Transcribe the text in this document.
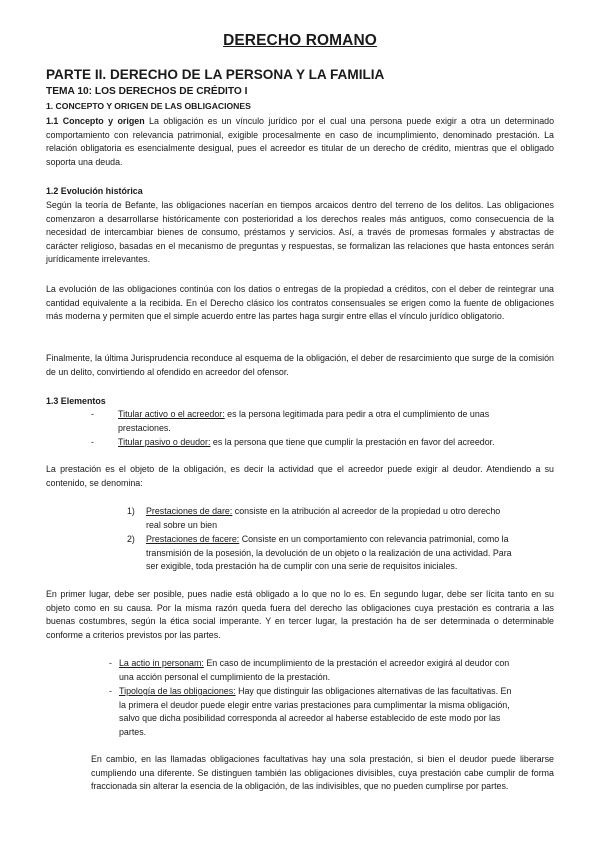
DERECHO ROMANO
PARTE II. DERECHO DE LA PERSONA Y LA FAMILIA
TEMA 10: LOS DERECHOS DE CRÉDITO I
1. CONCEPTO Y ORIGEN DE LAS OBLIGACIONES
1.1 Concepto y origen La obligación es un vínculo jurídico por el cual una persona puede exigir a otra un determinado comportamiento con relevancia patrimonial, exigible procesalmente en caso de incumplimiento, denominado prestación. La relación obligatoria es esencialmente desigual, pues el acreedor es titular de un derecho de crédito, mientras que el obligado soporta una deuda.
1.2 Evolución histórica
Según la teoría de Befante, las obligaciones nacerían en tiempos arcaicos dentro del terreno de los delitos. Las obligaciones comenzaron a desarrollarse históricamente con posterioridad a los derechos reales más antiguos, como consecuencia de la necesidad de intercambiar bienes de consumo, préstamos y servicios. Así, a través de promesas formales y abstractas de carácter religioso, basadas en el mecanismo de preguntas y respuestas, se formalizan las relaciones que hasta entonces serán jurídicamente irrelevantes.
La evolución de las obligaciones continúa con los datios o entregas de la propiedad a créditos, con el deber de reintegrar una cantidad equivalente a la recibida. En el Derecho clásico los contratos consensuales se erigen como la fuente de obligaciones más moderna y permiten que el simple acuerdo entre las partes haga surgir entre ellas el vínculo jurídico obligatorio.
Finalmente, la última Jurisprudencia reconduce al esquema de la obligación, el deber de resarcimiento que surge de la comisión de un delito, convirtiendo al ofendido en acreedor del ofensor.
1.3 Elementos
-	Titular activo o el acreedor: es la persona legitimada para pedir a otra el cumplimiento de unas
prestaciones.
-	Titular pasivo o deudor: es la persona que tiene que cumplir la prestación en favor del acreedor.
La prestación es el objeto de la obligación, es decir la actividad que el acreedor puede exigir al deudor. Atendiendo a su contenido, se denomina:
1) Prestaciones de dare: consiste en la atribución al acreedor de la propiedad u otro derecho
real sobre un bien
2) Prestaciones de facere: Consiste en un comportamiento con relevancia patrimonial, como la
transmisión de la posesión, la devolución de un objeto o la realización de una actividad. Para
ser exigible, toda prestación ha de cumplir con una serie de requisitos iniciales.
En primer lugar, debe ser posible, pues nadie está obligado a lo que no lo es. En segundo lugar, debe ser lícita tanto en su objeto como en su causa. Por la misma razón queda fuera del derecho las obligaciones cuya prestación es contraria a las buenas costumbres, según la ética social imperante. Y en tercer lugar, la prestación ha de ser determinada o determinable conforme a criterios previstos por las partes.
- La actio in personam: En caso de incumplimiento de la prestación el acreedor exigirá al deudor con
una acción personal el cumplimiento de la prestación.
- Tipología de las obligaciones: Hay que distinguir las obligaciones alternativas de las facultativas. En
la primera el deudor puede elegir entre varias prestaciones para cumplimentar la misma obligación,
salvo que dicha posibilidad corresponda al acreedor al haberse establecido de este modo por las
partes.
En cambio, en las llamadas obligaciones facultativas hay una sola prestación, si bien el deudor puede liberarse cumpliendo una diferente. Se distinguen también las obligaciones divisibles, cuya prestación cabe cumplir de forma fraccionada sin alterar la esencia de la obligación, de las indivisibles, que no pueden cumplirse por partes.
